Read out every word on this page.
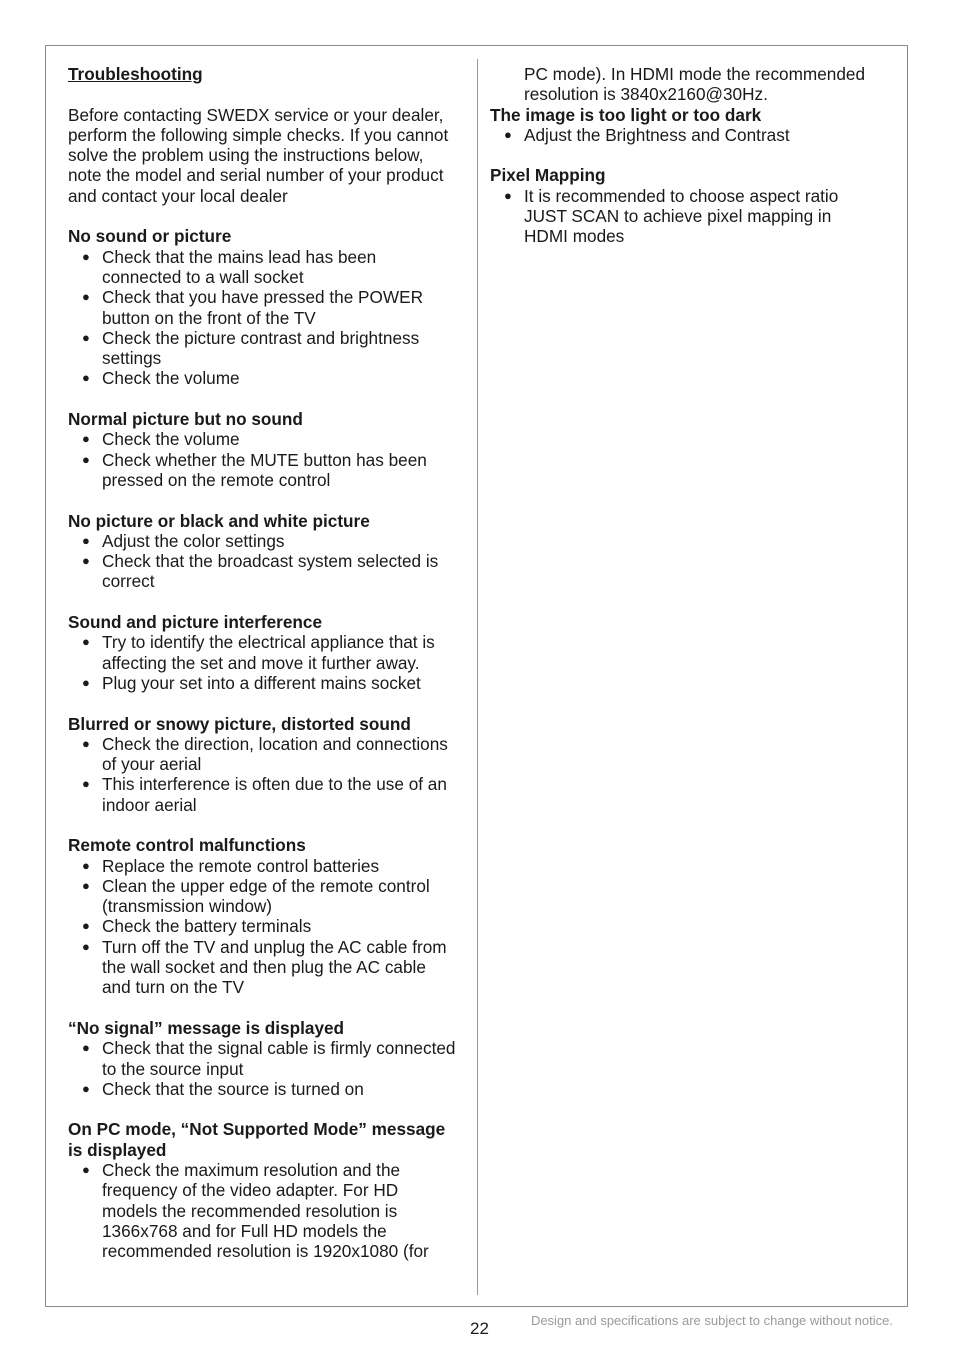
Troubleshooting
Before contacting SWEDX service or your dealer, perform the following simple checks. If you cannot solve the problem using the instructions below, note the model and serial number of your product and contact your local dealer
No sound or picture
● Check that the mains lead has been connected to a wall socket
● Check that you have pressed the POWER button on the front of the TV
● Check the picture contrast and brightness settings
● Check the volume
Normal picture but no sound
● Check the volume
● Check whether the MUTE button has been pressed on the remote control
No picture or black and white picture
● Adjust the color settings
● Check that the broadcast system selected is correct
Sound and picture interference
● Try to identify the electrical appliance that is affecting the set and move it further away.
● Plug your set into a different mains socket
Blurred or snowy picture, distorted sound
● Check the direction, location and connections of your aerial
● This interference is often due to the use of an indoor aerial
Remote control malfunctions
● Replace the remote control batteries
● Clean the upper edge of the remote control (transmission window)
● Check the battery terminals
● Turn off the TV and unplug the AC cable from the wall socket and then plug the AC cable and turn on the TV
“No signal” message is displayed
● Check that the signal cable is firmly connected to the source input
● Check that the source is turned on
On PC mode, “Not Supported Mode” message is displayed
● Check the maximum resolution and the frequency of the video adapter. For HD models the recommended resolution is 1366x768 and for Full HD models the recommended resolution is 1920x1080 (for

PC mode). In HDMI mode the recommended resolution is 3840x2160@30Hz.

The image is too light or too dark
● Adjust the Brightness and Contrast
Pixel Mapping
● It is recommended to choose aspect ratio JUST SCAN to achieve pixel mapping in HDMI modes
22	Design and specifications are subject to change without notice.
